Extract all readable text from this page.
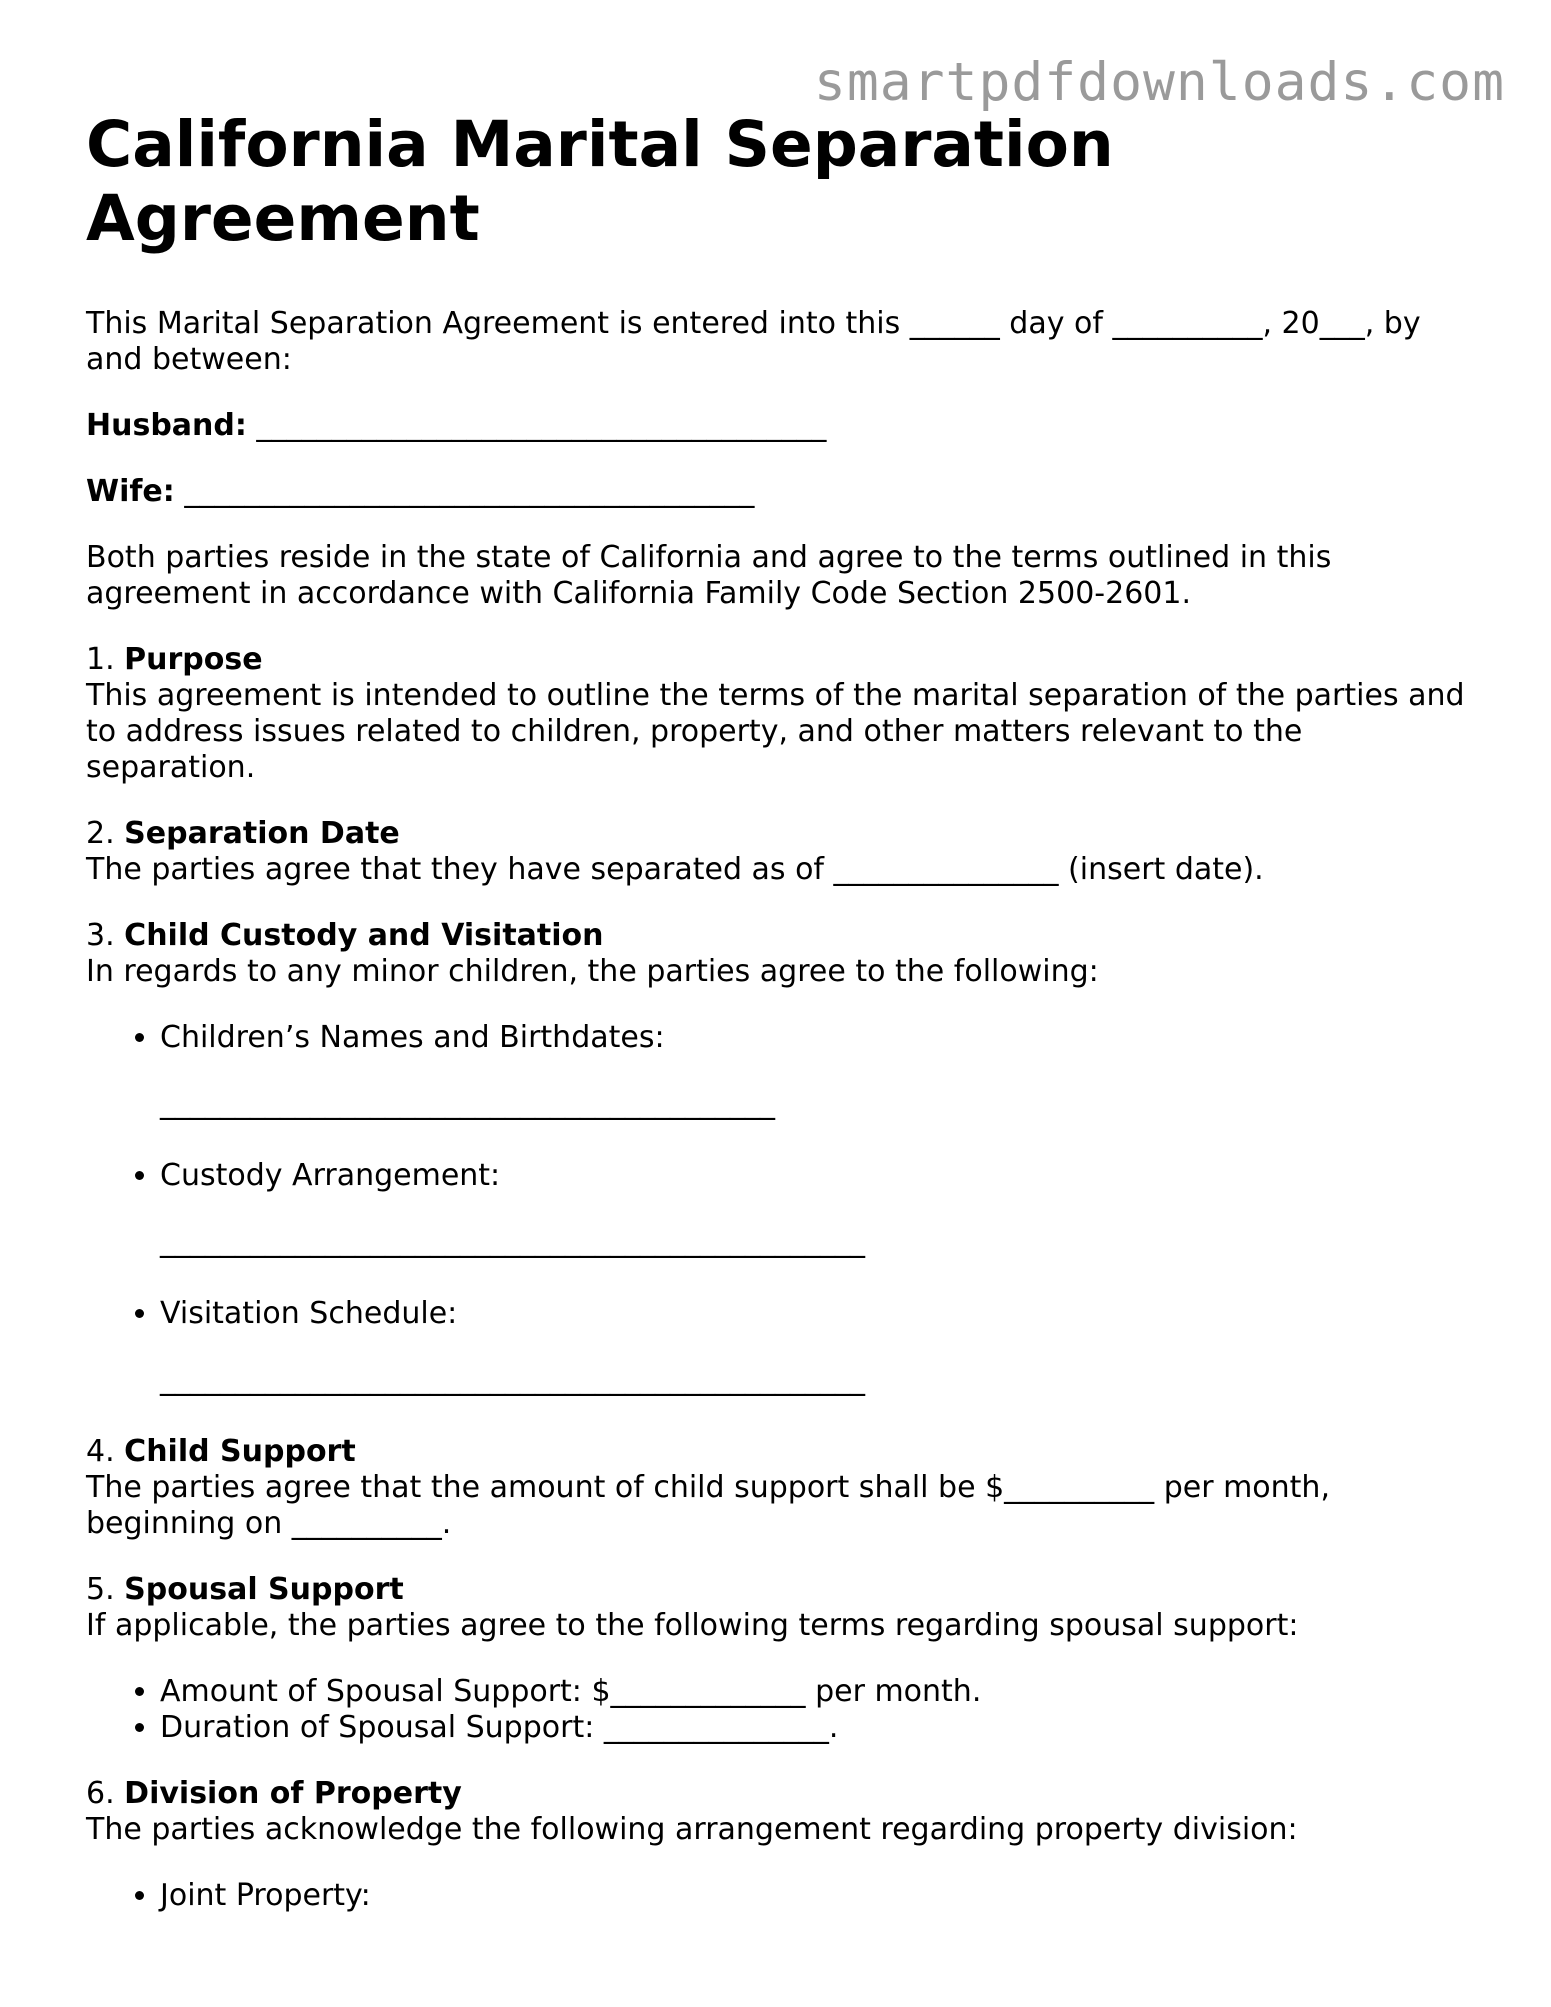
smartpdfdownloads.com
California Marital Separation Agreement

This Marital Separation Agreement is entered into this ______ day of __________, 20___, by and between:

Husband: ______________________________________

Wife: ______________________________________

Both parties reside in the state of California and agree to the terms outlined in this agreement in accordance with California Family Code Section 2500-2601.

1. Purpose

This agreement is intended to outline the terms of the marital separation of the parties and to address issues related to children, property, and other matters relevant to the separation.

2. Separation Date

The parties agree that they have separated as of _______________ (insert date).

3. Child Custody and Visitation

In regards to any minor children, the parties agree to the following:

• Children’s Names and Birthdates:
_________________________________________
• Custody Arrangement:
_______________________________________________
• Visitation Schedule:
_______________________________________________

4. Child Support

The parties agree that the amount of child support shall be $__________ per month, beginning on __________.

5. Spousal Support

If applicable, the parties agree to the following terms regarding spousal support:

• Amount of Spousal Support: $_____________ per month.
• Duration of Spousal Support: _______________.

6. Division of Property

The parties acknowledge the following arrangement regarding property division:

• Joint Property:
